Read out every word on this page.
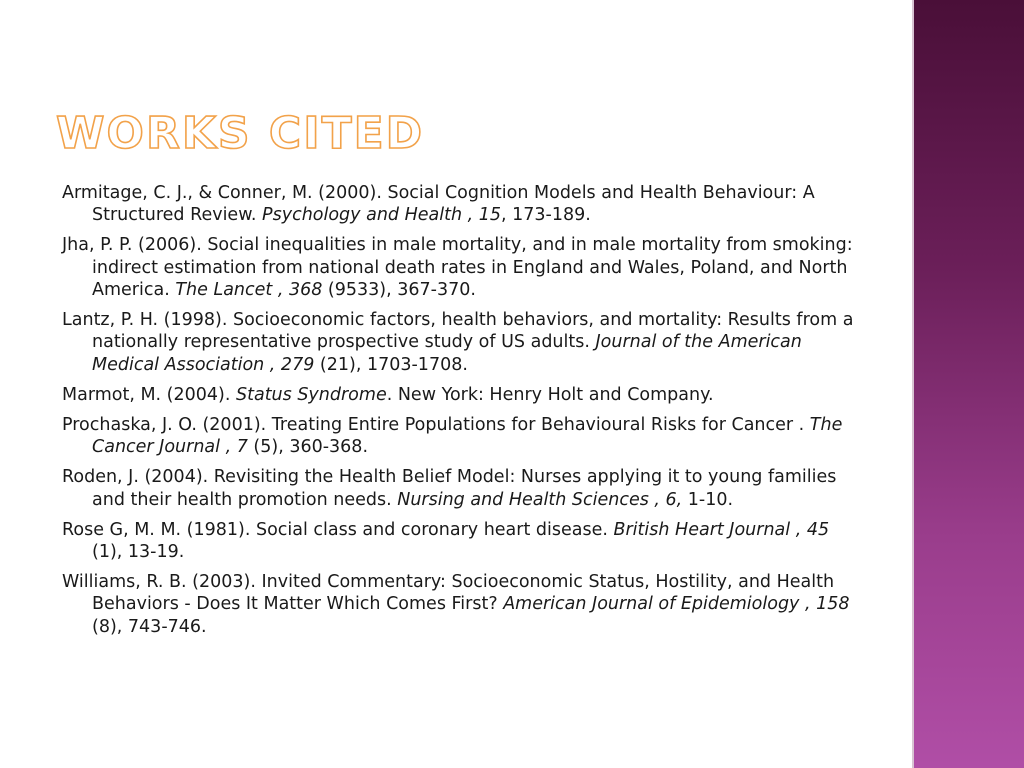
WORKS CITED
Armitage, C. J., & Conner, M. (2000). Social Cognition Models and Health Behaviour: A Structured Review. Psychology and Health , 15, 173-189.
Jha, P. P. (2006). Social inequalities in male mortality, and in male mortality from smoking: indirect estimation from national death rates in England and Wales, Poland, and North America. The Lancet , 368 (9533), 367-370.
Lantz, P. H. (1998). Socioeconomic factors, health behaviors, and mortality: Results from a nationally representative prospective study of US adults. Journal of the American Medical Association , 279 (21), 1703-1708.
Marmot, M. (2004). Status Syndrome. New York: Henry Holt and Company.
Prochaska, J. O. (2001). Treating Entire Populations for Behavioural Risks for Cancer . The Cancer Journal , 7 (5), 360-368.
Roden, J. (2004). Revisiting the Health Belief Model: Nurses applying it to young families and their health promotion needs. Nursing and Health Sciences , 6, 1-10.
Rose G, M. M. (1981). Social class and coronary heart disease. British Heart Journal , 45 (1), 13-19.
Williams, R. B. (2003). Invited Commentary: Socioeconomic Status, Hostility, and Health Behaviors - Does It Matter Which Comes First? American Journal of Epidemiology , 158 (8), 743-746.
